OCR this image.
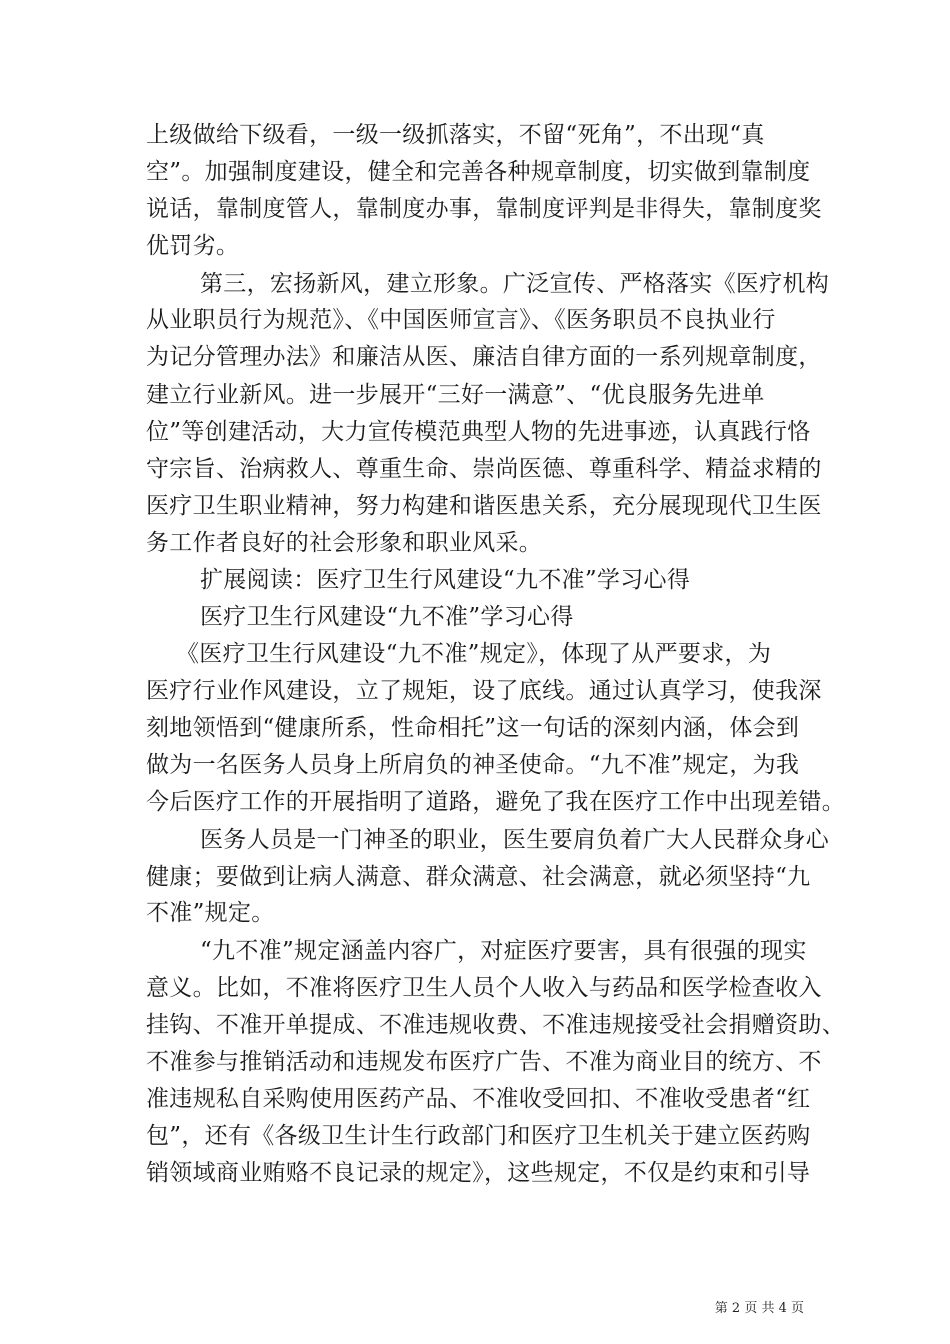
上级做给下级看，一级一级抓落实，不留“死角”，不出现“真

空”。加强制度建设，健全和完善各种规章制度，切实做到靠制度

说话，靠制度管人，靠制度办事，靠制度评判是非得失，靠制度奖

优罚劣。

第三，宏扬新风，建立形象。广泛宣传、严格落实《医疗机构

从业职员行为规范》、《中国医师宣言》、《医务职员不良执业行

为记分管理办法》和廉洁从医、廉洁自律方面的一系列规章制度，

建立行业新风。进一步展开“三好一满意”、“优良服务先进单

位”等创建活动，大力宣传模范典型人物的先进事迹，认真践行恪

守宗旨、治病救人、尊重生命、崇尚医德、尊重科学、精益求精的

医疗卫生职业精神，努力构建和谐医患关系，充分展现现代卫生医

务工作者良好的社会形象和职业风采。

扩展阅读：医疗卫生行风建设“九不准”学习心得

医疗卫生行风建设“九不准”学习心得

《医疗卫生行风建设“九不准”规定》，体现了从严要求，为

医疗行业作风建设，立了规矩，设了底线。通过认真学习，使我深

刻地领悟到“健康所系，性命相托”这一句话的深刻内涵，体会到

做为一名医务人员身上所肩负的神圣使命。“九不准”规定，为我

今后医疗工作的开展指明了道路，避免了我在医疗工作中出现差错。

医务人员是一门神圣的职业，医生要肩负着广大人民群众身心

健康；要做到让病人满意、群众满意、社会满意，就必须坚持“九

不准”规定。

“九不准”规定涵盖内容广，对症医疗要害，具有很强的现实

意义。比如，不准将医疗卫生人员个人收入与药品和医学检查收入

挂钩、不准开单提成、不准违规收费、不准违规接受社会捐赠资助、

不准参与推销活动和违规发布医疗广告、不准为商业目的统方、不

准违规私自采购使用医药产品、不准收受回扣、不准收受患者“红

包”，还有《各级卫生计生行政部门和医疗卫生机关于建立医药购

销领域商业贿赂不良记录的规定》，这些规定，不仅是约束和引导

第 2 页 共 4 页
